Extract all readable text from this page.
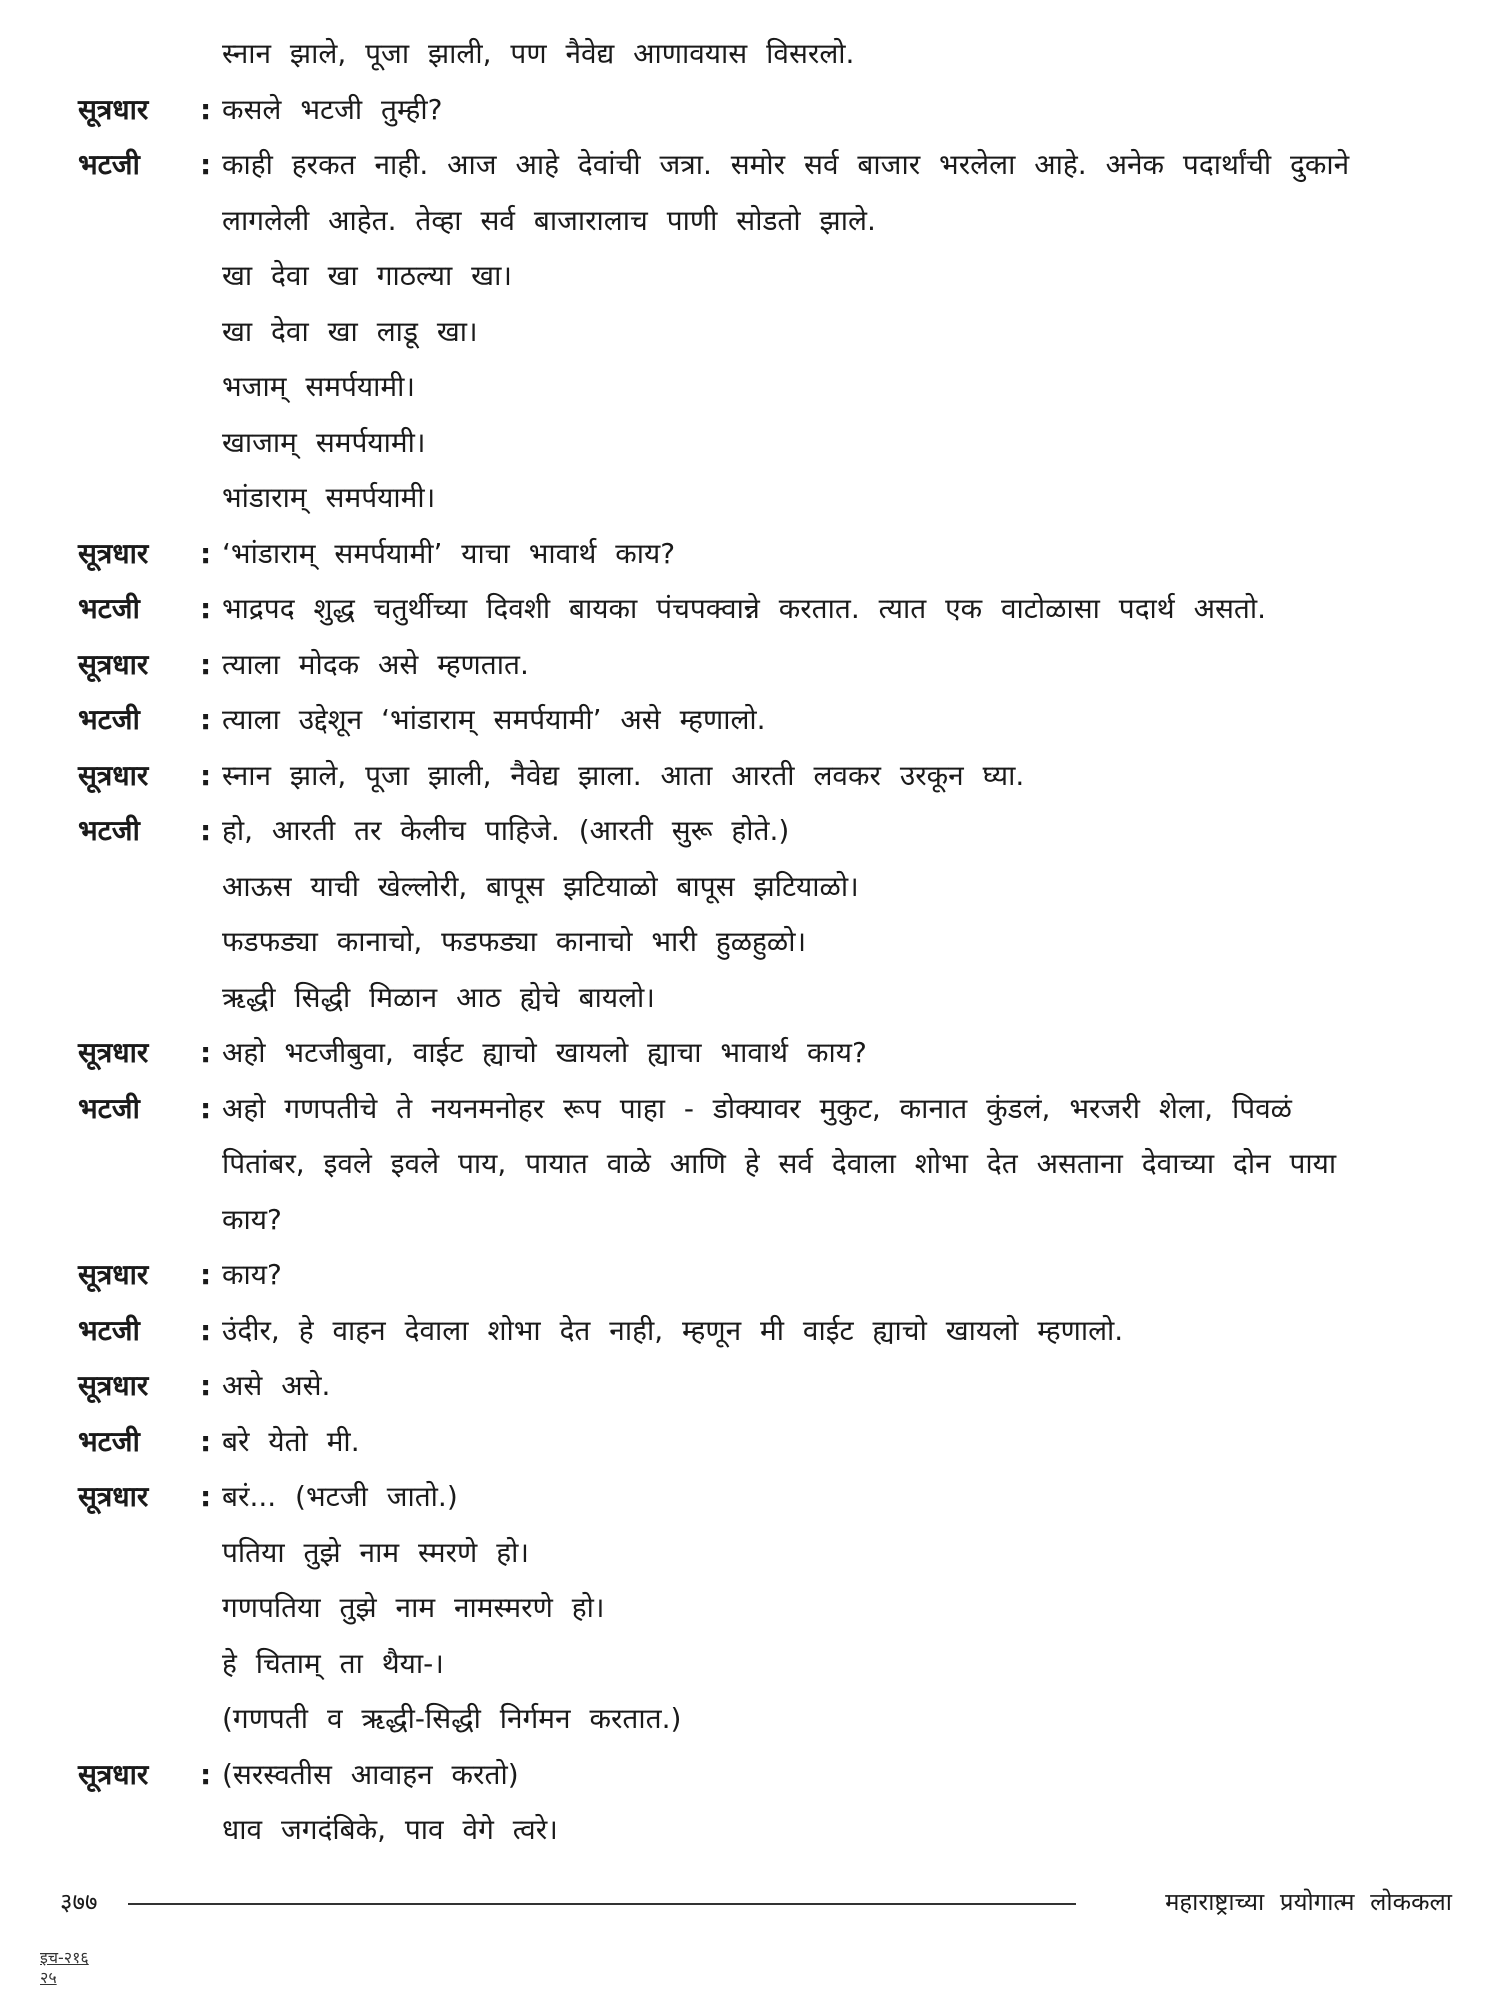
स्नान झाले, पूजा झाली, पण नैवेद्य आणावयास विसरलो.
सूत्रधार	: कसले भटजी तुम्ही?
भटजी	: काही हरकत नाही. आज आहे देवांची जत्रा. समोर सर्व बाजार भरलेला आहे. अनेक पदार्थांची दुकाने
लागलेली आहेत. तेव्हा सर्व बाजारालाच पाणी सोडतो झाले.
खा देवा खा गाठल्या खा।
खा देवा खा लाडू खा।
भजाम् समर्पयामी।
खाजाम् समर्पयामी।
भांडाराम् समर्पयामी।
सूत्रधार	: ‘भांडाराम् समर्पयामी’ याचा भावार्थ काय?
भटजी	: भाद्रपद शुद्ध चतुर्थीच्या दिवशी बायका पंचपक्वान्ने करतात. त्यात एक वाटोळासा पदार्थ असतो.
सूत्रधार	: त्याला मोदक असे म्हणतात.
भटजी	: त्याला उद्देशून ‘भांडाराम् समर्पयामी’ असे म्हणालो.
सूत्रधार	: स्नान झाले, पूजा झाली, नैवेद्य झाला. आता आरती लवकर उरकून घ्या.
भटजी	: हो, आरती तर केलीच पाहिजे. (आरती सुरू होते.)
आऊस याची खेल्लोरी, बापूस झटियाळो बापूस झटियाळो।
फडफड्या कानाचो, फडफड्या कानाचो भारी हुळहुळो।
ऋद्धी सिद्धी मिळान आठ ह्येचे बायलो।
सूत्रधार	: अहो भटजीबुवा, वाईट ह्याचो खायलो ह्याचा भावार्थ काय?
भटजी	: अहो गणपतीचे ते नयनमनोहर रूप पाहा - डोक्यावर मुकुट, कानात कुंडलं, भरजरी शेला, पिवळं
पितांबर, इवले इवले पाय, पायात वाळे आणि हे सर्व देवाला शोभा देत असताना देवाच्या दोन पाया
काय?
सूत्रधार	: काय?
भटजी	: उंदीर, हे वाहन देवाला शोभा देत नाही, म्हणून मी वाईट ह्याचो खायलो म्हणालो.
सूत्रधार	: असे असे.
भटजी	: बरे येतो मी.
सूत्रधार	: बरं... (भटजी जातो.)
पतिया तुझे नाम स्मरणे हो।
गणपतिया तुझे नाम नामस्मरणे हो।
हे चिताम् ता थैया-।
(गणपती व ऋद्धी-सिद्धी निर्गमन करतात.)
सूत्रधार	: (सरस्वतीस आवाहन करतो)
धाव जगदंबिके, पाव वेगे त्वरे।
३७७	महाराष्ट्राच्या प्रयोगात्म लोककला
इच-२१६
२५
